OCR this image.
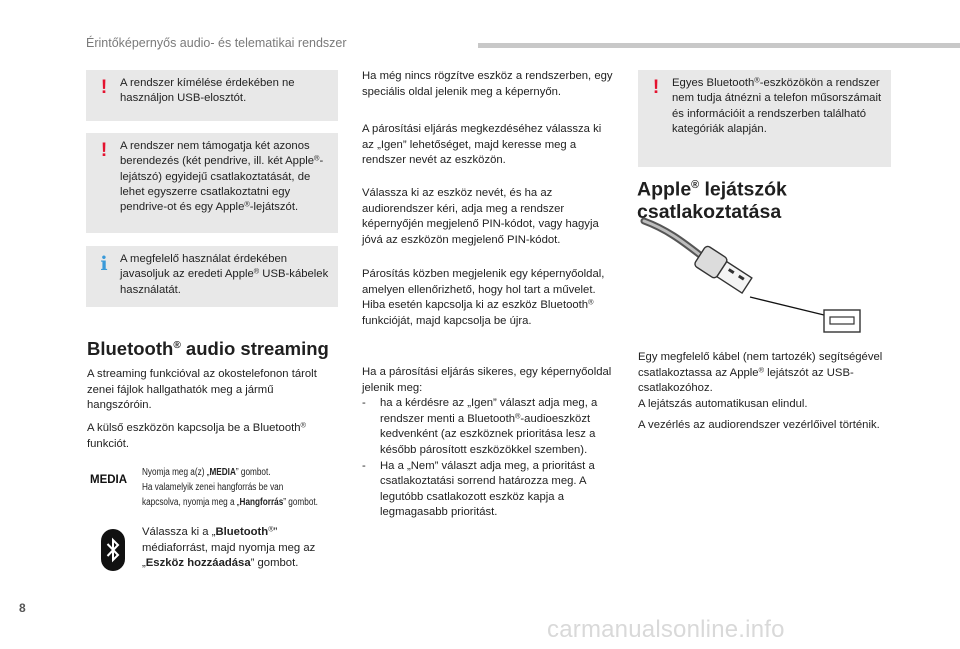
Érintőképernyős audio- és telematikai rendszer
!	A rendszer kímélése érdekében ne használjon USB-elosztót.
!	A rendszer nem támogatja két azonos berendezés (két pendrive, ill. két Apple®-lejátszó) egyidejű csatlakoztatását, de lehet egyszerre csatlakoztatni egy pendrive-ot és egy Apple®-lejátszót.
i	A megfelelő használat érdekében javasoljuk az eredeti Apple® USB-kábelek használatát.
Bluetooth® audio streaming

A streaming funkcióval az okostelefonon tárolt zenei fájlok hallgathatók meg a jármű hangszóróin.

A külső eszközön kapcsolja be a Bluetooth® funkciót.

MEDIA
Nyomja meg a(z) „MEDIA” gombot.
Ha valamelyik zenei hangforrás be van
kapcsolva, nyomja meg a „Hangforrás” gombot.

Válassza ki a „Bluetooth®” médiaforrást, majd nyomja meg az „Eszköz hozzáadása” gombot.

Ha még nincs rögzítve eszköz a rendszerben, egy speciális oldal jelenik meg a képernyőn.

A párosítási eljárás megkezdéséhez válassza ki az „Igen” lehetőséget, majd keresse meg a rendszer nevét az eszközön.

Válassza ki az eszköz nevét, és ha az audiorendszer kéri, adja meg a rendszer képernyőjén megjelenő PIN-kódot, vagy hagyja jóvá az eszközön megjelenő PIN-kódot.

Párosítás közben megjelenik egy képernyőoldal, amelyen ellenőrizhető, hogy hol tart a művelet.
Hiba esetén kapcsolja ki az eszköz Bluetooth® funkcióját, majd kapcsolja be újra.

Ha a párosítási eljárás sikeres, egy képernyőoldal jelenik meg:
- ha a kérdésre az „Igen” választ adja meg, a rendszer menti a Bluetooth®-audioeszközt kedvenként (az eszköznek prioritása lesz a később párosított eszközökkel szemben).
- Ha a „Nem” választ adja meg, a prioritást a csatlakoztatási sorrend határozza meg. A legutóbb csatlakozott eszköz kapja a legmagasabb prioritást.
!	Egyes Bluetooth®-eszközökön a rendszer nem tudja átnézni a telefon műsorszámait és információit a rendszerben található kategóriák alapján.
Apple® lejátszók csatlakoztatása

Egy megfelelő kábel (nem tartozék) segítségével csatlakoztassa az Apple® lejátszót az USB-csatlakozóhoz.
A lejátszás automatikusan elindul.

A vezérlés az audiorendszer vezérlőivel történik.

8
carmanualsonline.info
